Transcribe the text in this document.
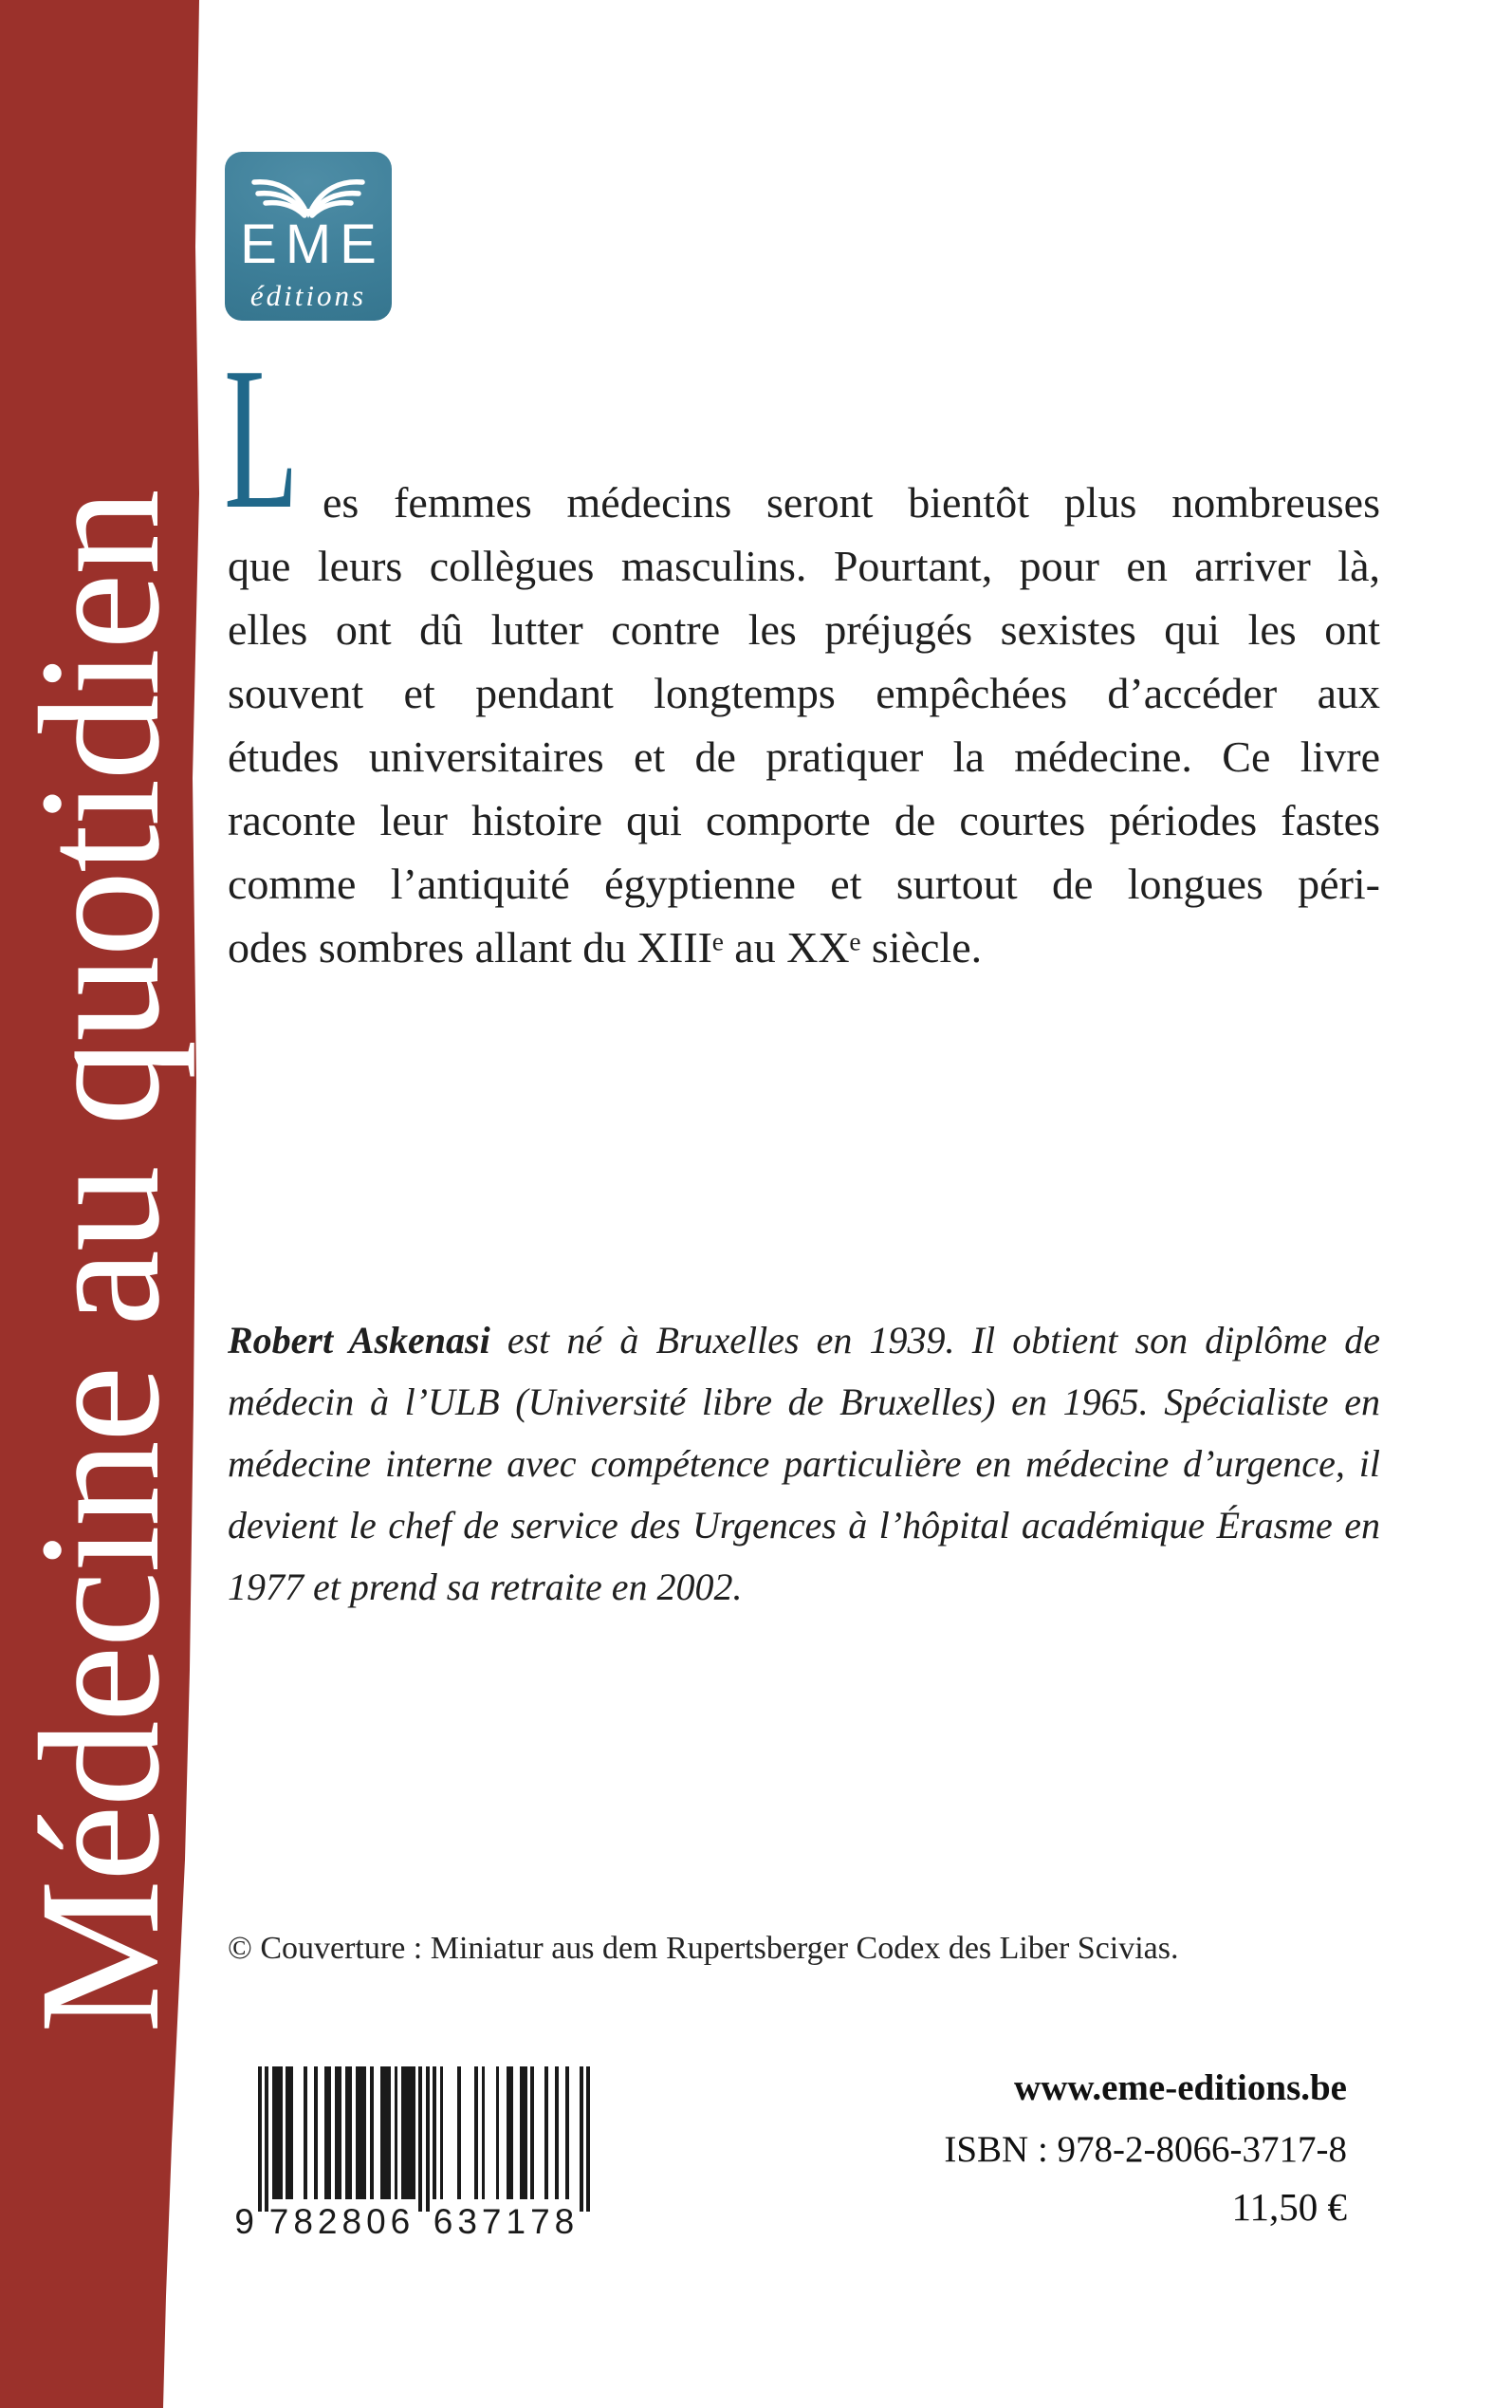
Médecine au quotidien
EME
éditions
L es femmes médecins seront bientôt plus nombreuses
que leurs collègues masculins. Pourtant, pour en arriver là,
elles ont dû lutter contre les préjugés sexistes qui les ont
souvent et pendant longtemps empêchées d’accéder aux
études universitaires et de pratiquer la médecine. Ce livre
raconte leur histoire qui comporte de courtes périodes fastes
comme l’antiquité égyptienne et surtout de longues péri-
odes sombres allant du XIIIᵉ au XXᵉ siècle.
Robert Askenasi est né à Bruxelles en 1939. Il obtient son diplôme de
médecin à l’ULB (Université libre de Bruxelles) en 1965. Spécialiste en
médecine interne avec compétence particulière en médecine d’urgence, il
devient le chef de service des Urgences à l’hôpital académique Érasme en
1977 et prend sa retraite en 2002.
© Couverture : Miniatur aus dem Rupertsberger Codex des Liber Scivias.
9 782806 637178
www.eme-editions.be
ISBN : 978-2-8066-3717-8
11,50 €
